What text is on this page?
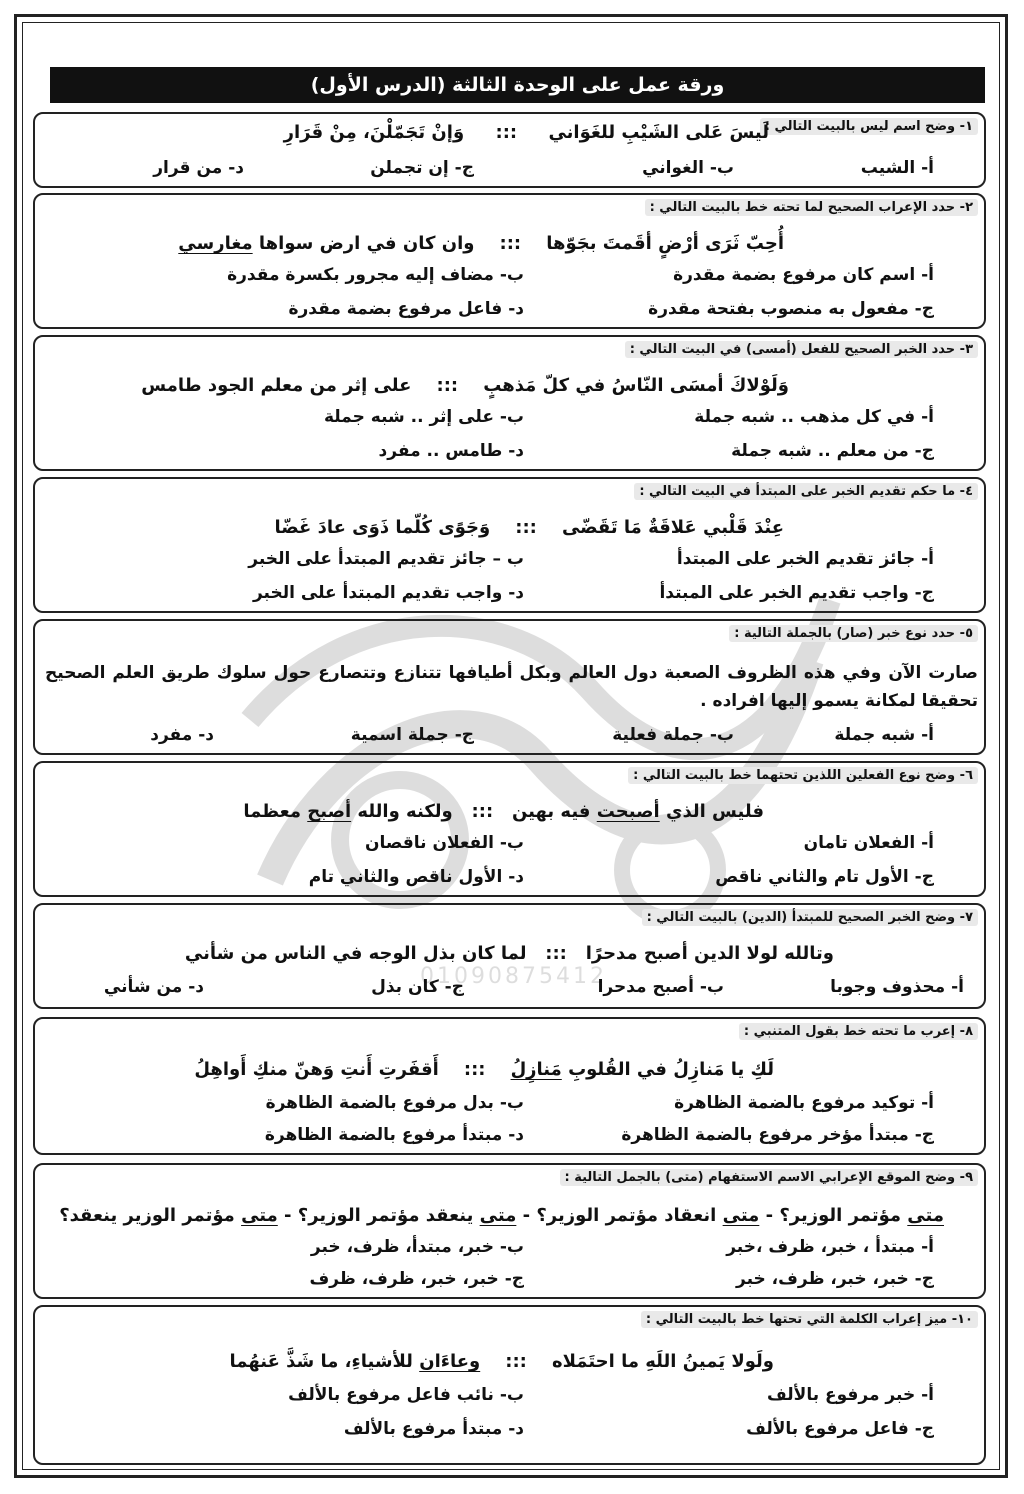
ورقة عمل على الوحدة الثالثة (الدرس الأول)
١- وضح اسم ليس بالبيت التالي :
لَيسَ عَلى الشَيْبِ للغَوَاني     :::     وَإنْ تَجَمّلْنَ، مِنْ قَرَارِ
أ- الشيب
ب- الغواني
ج- إن تجملن
د- من قرار
٢- حدد الإعراب الصحيح لما تحته خط بالبيت التالي :
أُحِبّ ثَرَى أرْضٍ أقَمتَ بجَوّها    :::    وان كان في ارض سواها مغارسي
أ- اسم كان مرفوع بضمة مقدرة
ب- مضاف إليه مجرور بكسرة مقدرة
ج- مفعول به منصوب بفتحة مقدرة
د- فاعل مرفوع بضمة مقدرة
٣- حدد الخبر الصحيح للفعل (أمسى) في البيت التالي :
وَلَوْلاكَ أمسَى النّاسُ في كلّ مَذهبٍ    :::    على إثر من معلم الجود طامس
أ- في كل مذهب .. شبه جملة
ب- على إثر .. شبه جملة
ج- من معلم .. شبه جملة
د- طامس .. مفرد
٤- ما حكم تقديم الخبر على المبتدأ في البيت التالي :
عِنْدَ قَلْبي عَلاقَةٌ مَا تَقَضّى    :::    وَجَوًى كُلّما ذَوَى عادَ غَضّا
أ- جائز تقديم الخبر على المبتدأ
ب – جائز تقديم المبتدأ على الخبر
ج- واجب تقديم الخبر على المبتدأ
د- واجب تقديم المبتدأ على الخبر
٥- حدد نوع خبر (صار) بالجملة التالية :
صارت الآن وفي هذه الظروف الصعبة دول العالم وبكل أطيافها تتنازع وتتصارع حول سلوك طريق العلم الصحيح تحقيقا لمكانة يسمو إليها افراده .
أ- شبه جملة
ب- جملة فعلية
ج- جملة اسمية
د- مفرد
٦- وضح نوع الفعلين اللذين تحتهما خط بالبيت التالي :
فليس الذي أصبحت فيه بهين   :::   ولكنه والله أصبح معظما
أ- الفعلان تامان
ب- الفعلان ناقصان
ج- الأول تام والثاني ناقص
د- الأول ناقص والثاني تام
٧- وضح الخبر الصحيح للمبتدأ (الدين) بالبيت التالي :
وتالله لولا الدين أصبح مدحرًا   :::   لما كان بذل الوجه في الناس من شأني
أ- محذوف وجوبا
ب- أصبح مدحرا
ج- كان بذل
د- من شأني
٨- إعرب ما تحته خط بقول المتنبي :
لَكِ يا مَنازِلُ في القُلوبِ مَنازِلُ    :::    أَقفَرتِ أَنتِ وَهنّ منكِ أَواهِلُ
أ- توكيد مرفوع بالضمة الظاهرة
ب- بدل مرفوع بالضمة الظاهرة
ج- مبتدأ مؤخر مرفوع بالضمة الظاهرة
د- مبتدأ مرفوع بالضمة الظاهرة
٩- وضح الموقع الإعرابي الاسم الاستفهام (متى) بالجمل التالية :
متى مؤتمر الوزير؟ - متى انعقاد مؤتمر الوزير؟ - متى ينعقد مؤتمر الوزير؟ - متى مؤتمر الوزير ينعقد؟
أ- مبتدأ ، خبر، ظرف ،خبر
ب- خبر، مبتدأ، ظرف، خبر
ج- خبر، خبر، ظرف، خبر
ج- خبر، خبر، ظرف، ظرف
١٠- ميز إعراب الكلمة التي تحتها خط بالبيت التالي :
ولَولا يَمينُ اللَهِ ما احتَمَلاه    :::    وعاءَان للأشياءِ، ما شَذَّ عَنهُما
أ- خبر مرفوع بالألف
ب- نائب فاعل مرفوع بالألف
ج- فاعل مرفوع بالألف
د- مبتدأ مرفوع بالألف
01090875412
